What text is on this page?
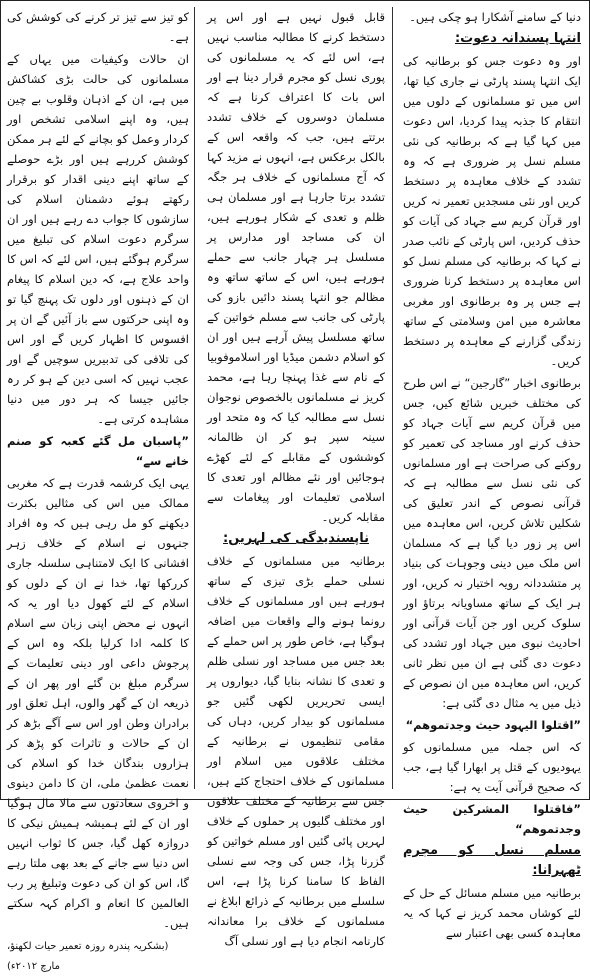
دنیا کے سامنے آشکارا ہو چکی ہیں۔

انتہا پسندانہ دعوت:

اور وہ دعوت جس کو برطانیہ کی ایک انتہا پسند پارٹی نے جاری کیا تھا، اس میں تو مسلمانوں کے دلوں میں انتقام کا جذبہ پیدا کردیا، اس دعوت میں کہا گیا ہے کہ برطانیہ کی نئی مسلم نسل پر ضروری ہے کہ وہ تشدد کے خلاف معاہدہ پر دستخط کریں اور نئی مسجدیں تعمیر نہ کریں اور قرآن کریم سے جہاد کی آیات کو حذف کردیں، اس پارٹی کے نائب صدر نے کہا کہ برطانیہ کی مسلم نسل کو اس معاہدہ پر دستخط کرنا ضروری ہے جس پر وہ برطانوی اور مغربی معاشرہ میں امن وسلامتی کے ساتھ زندگی گزارنے کے معاہدہ پر دستخط کریں۔

برطانوی اخبار ”گارجین“ نے اس طرح کی مختلف خبریں شائع کیں، جس میں قرآن کریم سے آیات جہاد کو حذف کرنے اور مساجد کی تعمیر کو روکنے کی صراحت ہے اور مسلمانوں کی نئی نسل سے مطالبہ ہے کہ قرآنی نصوص کے اندر تعلیق کی شکلیں تلاش کریں، اس معاہدہ میں اس پر زور دیا گیا ہے کہ مسلمان اس ملک میں دینی وجوہات کی بنیاد پر متشددانہ رویہ اختیار نہ کریں، اور ہر ایک کے ساتھ مساویانہ برتاؤ اور سلوک کریں اور جن آیات قرآنی اور احادیث نبوی میں جہاد اور تشدد کی دعوت دی گئی ہے ان میں نظر ثانی کریں، اس معاہدہ میں ان نصوص کے ذیل میں یہ مثال دی گئی ہے:

”اقتلوا الیہود حیث وجدتموھم“

کہ اس جملہ میں مسلمانوں کو یہودیوں کے قتل پر ابھارا گیا ہے، جب کہ صحیح قرآنی آیت یہ ہے:

”فاقتلوا المشرکین حیث وجدتموھم“

مسلم نسل کو مجرم ٹھہرانا:

برطانیہ میں مسلم مسائل کے حل کے لئے کوشاں محمد کریز نے کہا کہ یہ معاہدہ کسی بھی اعتبار سے

قابل قبول نہیں ہے اور اس پر دستخط کرنے کا مطالبہ مناسب نہیں ہے، اس لئے کہ یہ مسلمانوں کی پوری نسل کو مجرم قرار دینا ہے اور اس بات کا اعتراف کرنا ہے کہ مسلمان دوسروں کے خلاف تشدد برتتے ہیں، جب کہ واقعہ اس کے بالکل برعکس ہے، انہوں نے مزید کہا کہ آج مسلمانوں کے خلاف ہر جگہ تشدد برتا جارہا ہے اور مسلمان ہی ظلم و تعدی کے شکار ہورہے ہیں، ان کی مساجد اور مدارس پر مسلسل ہر چہار جانب سے حملے ہورہے ہیں، اس کے ساتھ ساتھ وہ مظالم جو انتہا پسند دائیں بازو کی پارٹی کی جانب سے مسلم خواتین کے ساتھ مسلسل پیش آرہے ہیں اور ان کو اسلام دشمن میڈیا اور اسلاموفوبیا کے نام سے غذا پہنچا رہا ہے، محمد کریز نے مسلمانوں بالخصوص نوجوان نسل سے مطالبہ کیا کہ وہ متحد اور سینہ سپر ہو کر ان ظالمانہ کوششوں کے مقابلے کے لئے کھڑے ہوجائیں اور نئے مظالم اور تعدی کا اسلامی تعلیمات اور پیغامات سے مقابلہ کریں۔

ناپسندیدگی کی لہریں:

برطانیہ میں مسلمانوں کے خلاف نسلی حملے بڑی تیزی کے ساتھ ہورہے ہیں اور مسلمانوں کے خلاف رونما ہونے والے واقعات میں اضافہ ہوگیا ہے، خاص طور پر اس حملے کے بعد جس میں مساجد اور نسلی ظلم و تعدی کا نشانہ بنایا گیا، دیواروں پر ایسی تحریریں لکھی گئیں جو مسلمانوں کو بیدار کریں، دہاں کی مقامی تنظیموں نے برطانیہ کے مختلف علاقوں میں اسلام اور مسلمانوں کے خلاف احتجاج کئے ہیں، جس سے برطانیہ کے مختلف علاقوں اور مختلف گلیوں پر حملوں کے خلاف لہریں پائی گئیں اور مسلم خواتین کو گزرنا پڑا، جس کی وجہ سے نسلی الفاظ کا سامنا کرنا پڑا ہے، اس سلسلے میں برطانیہ کے ذرائع ابلاغ نے مسلمانوں کے خلاف برا معاندانہ کارنامہ انجام دیا ہے اور نسلی آگ

کو تیز سے تیز تر کرنے کی کوشش کی ہے۔

ان حالات وکیفیات میں یہاں کے مسلمانوں کی حالت بڑی کشاکش میں ہے، ان کے اذہان وقلوب بے چین ہیں، وہ اپنے اسلامی تشخص اور کردار وعمل کو بچانے کے لئے ہر ممکن کوشش کررہے ہیں اور بڑے حوصلے کے ساتھ اپنے دینی اقدار کو برقرار رکھتے ہوئے دشمنان اسلام کی سازشوں کا جواب دے رہے ہیں اور ان سرگرم دعوت اسلام کی تبلیغ میں سرگرم ہوگئے ہیں، اس لئے کہ اس کا واحد علاج ہے، کہ دین اسلام کا پیغام ان کے ذہنوں اور دلوں تک پہنچ گیا تو وہ اپنی حرکتوں سے باز آئیں گے ان پر افسوس کا اظہار کریں گے اور اس کی تلافی کی تدبیریں سوچیں گے اور عجب نہیں کہ اسی دین کے ہو کر رہ جائیں جیسا کہ ہر دور میں دنیا مشاہدہ کرتی ہے۔

”پاسبان مل گئے کعبہ کو صنم خانے سے“

یہی ایک کرشمہ قدرت ہے کہ مغربی ممالک میں اس کی مثالیں بکثرت دیکھنے کو مل رہی ہیں کہ وہ افراد جنہوں نے اسلام کے خلاف زہر افشانی کا ایک لامتناہی سلسلہ جاری کررکھا تھا، خدا نے ان کے دلوں کو اسلام کے لئے کھول دیا اور یہ کہ انہوں نے محض اپنی زبان سے اسلام کا کلمہ ادا کرلیا بلکہ وہ اس کے پرجوش داعی اور دینی تعلیمات کے سرگرم مبلغ بن گئے اور پھر ان کے ذریعہ ان کے گھر والوں، اہل تعلق اور برادران وطن اور اس سے آگے بڑھ کر ان کے حالات و تاثرات کو پڑھ کر ہزاروں بندگان خدا کو اسلام کی نعمت عظمیٰ ملی، ان کا دامن دینوی و اخروی سعادتوں سے مالا مال ہوگیا اور ان کے لئے ہمیشہ ہمیش نیکی کا دروازہ کھل گیا، جس کا ثواب انہیں اس دنیا سے جانے کے بعد بھی ملتا رہے گا، اس کو ان کی دعوت وتبلیغ پر رب العالمین کا انعام و اکرام کہہ سکتے ہیں۔

(بشکریہ پندرہ روزہ تعمیر حیات لکھنؤ، مارچ ۲۰۱۲ء)
